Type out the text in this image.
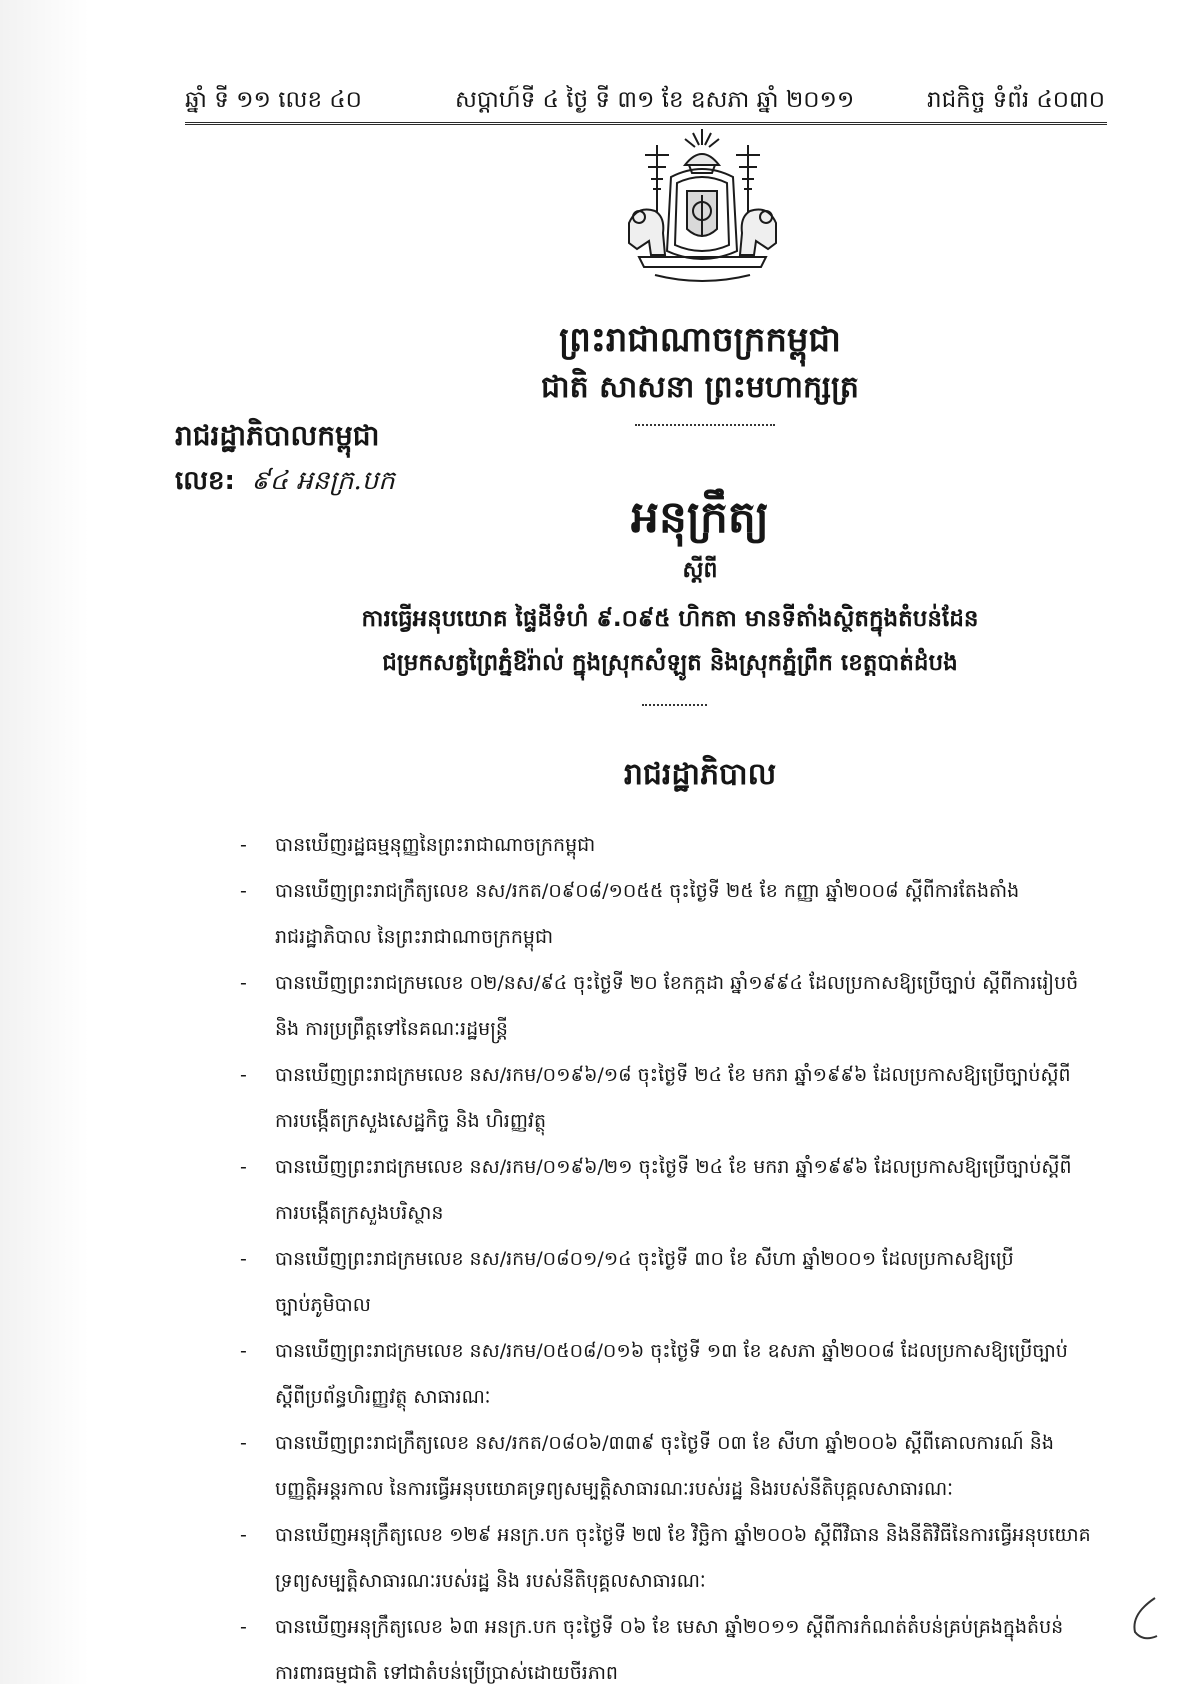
ឆ្នាំ ទី ១១ លេខ ៤០	សប្តាហ៍ទី ៤ ថ្ងៃ ទី ៣១ ខែ ឧសភា ឆ្នាំ ២០១១	រាជកិច្ច ទំព័រ ៤០៣០
ព្រះរាជាណាចក្រកម្ពុជា
ជាតិ សាសនា ព្រះមហាក្សត្រ
រាជរដ្ឋាភិបាលកម្ពុជា
លេខ: ៩៤ អនក្រ.បក
អនុក្រឹត្យ
ស្តីពី
ការធ្វើអនុបយោគ ផ្ទៃដីទំហំ ៩.០៩៥ ហិកតា មានទីតាំងស្ថិតក្នុងតំបន់ដែន
ជម្រកសត្វព្រៃភ្នំឱរ៉ាល់ ក្នុងស្រុកសំឡូត និងស្រុកភ្នំព្រឹក ខេត្តបាត់ដំបង
រាជរដ្ឋាភិបាល
- បានឃើញរដ្ឋធម្មនុញ្ញនៃព្រះរាជាណាចក្រកម្ពុជា
- បានឃើញព្រះរាជក្រឹត្យលេខ នស/រកត/០៩០៨/១០៥៥ ចុះថ្ងៃទី ២៥ ខែ កញ្ញា ឆ្នាំ២០០៨ ស្តីពីការតែងតាំង
រាជរដ្ឋាភិបាល នៃព្រះរាជាណាចក្រកម្ពុជា
- បានឃើញព្រះរាជក្រមលេខ ០២/នស/៩៤ ចុះថ្ងៃទី ២០ ខែកក្កដា ឆ្នាំ១៩៩៤ ដែលប្រកាសឱ្យប្រើច្បាប់ ស្តីពីការរៀបចំ
និង ការប្រព្រឹត្តទៅនៃគណៈរដ្ឋមន្ត្រី
- បានឃើញព្រះរាជក្រមលេខ នស/រកម/០១៩៦/១៨ ចុះថ្ងៃទី ២៤ ខែ មករា ឆ្នាំ១៩៩៦ ដែលប្រកាសឱ្យប្រើច្បាប់ស្តីពី
ការបង្កើតក្រសួងសេដ្ឋកិច្ច និង ហិរញ្ញវត្ថុ
- បានឃើញព្រះរាជក្រមលេខ នស/រកម/០១៩៦/២១ ចុះថ្ងៃទី ២៤ ខែ មករា ឆ្នាំ១៩៩៦ ដែលប្រកាសឱ្យប្រើច្បាប់ស្តីពី
ការបង្កើតក្រសួងបរិស្ថាន
- បានឃើញព្រះរាជក្រមលេខ នស/រកម/០៨០១/១៤ ចុះថ្ងៃទី ៣០ ខែ សីហា ឆ្នាំ២០០១ ដែលប្រកាសឱ្យប្រើ
ច្បាប់ភូមិបាល
- បានឃើញព្រះរាជក្រមលេខ នស/រកម/០៥០៨/០១៦ ចុះថ្ងៃទី ១៣ ខែ ឧសភា ឆ្នាំ២០០៨ ដែលប្រកាសឱ្យប្រើច្បាប់
ស្តីពីប្រព័ន្ធហិរញ្ញវត្ថុ សាធារណៈ
- បានឃើញព្រះរាជក្រឹត្យលេខ នស/រកត/០៨០៦/៣៣៩ ចុះថ្ងៃទី ០៣ ខែ សីហា ឆ្នាំ២០០៦ ស្តីពីគោលការណ៍ និង
បញ្ញត្តិអន្តរកាល នៃការធ្វើអនុបយោគទ្រព្យសម្បត្តិសាធារណៈរបស់រដ្ឋ និងរបស់នីតិបុគ្គលសាធារណៈ
- បានឃើញអនុក្រឹត្យលេខ ១២៩ អនក្រ.បក ចុះថ្ងៃទី ២៧ ខែ វិច្ឆិកា ឆ្នាំ២០០៦ ស្តីពីវិធាន និងនីតិវិធីនៃការធ្វើអនុបយោគ
ទ្រព្យសម្បត្តិសាធារណៈរបស់រដ្ឋ និង របស់នីតិបុគ្គលសាធារណៈ
- បានឃើញអនុក្រឹត្យលេខ ៦៣ អនក្រ.បក ចុះថ្ងៃទី ០៦ ខែ មេសា ឆ្នាំ២០១១ ស្តីពីការកំណត់តំបន់គ្រប់គ្រងក្នុងតំបន់
ការពារធម្មជាតិ ទៅជាតំបន់ប្រើប្រាស់ដោយចីរភាព
